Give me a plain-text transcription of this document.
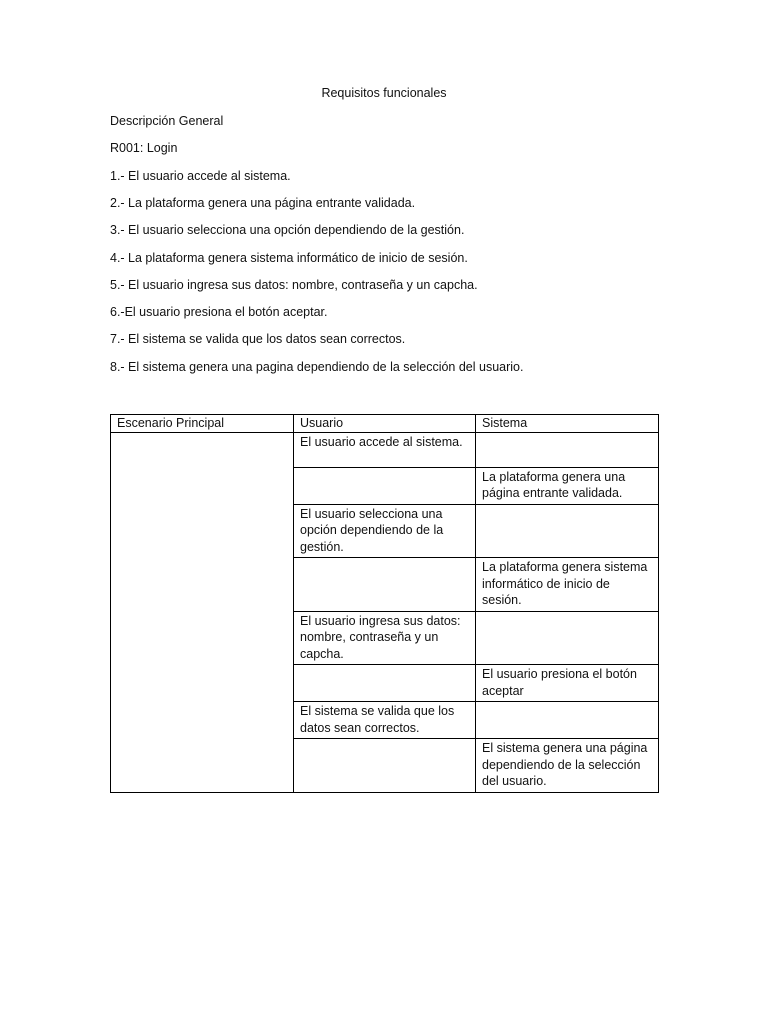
Requisitos funcionales
Descripción General
R001: Login
1.- El usuario accede al sistema.
2.- La plataforma genera una página entrante validada.
3.- El usuario selecciona una opción dependiendo de la gestión.
4.- La plataforma genera sistema informático de inicio de sesión.
5.- El usuario ingresa sus datos: nombre, contraseña y un capcha.
6.-El usuario presiona el botón aceptar.
7.- El sistema se valida que los datos sean correctos.
8.- El sistema genera una pagina dependiendo de la selección del usuario.
Escenario Principal	Usuario	Sistema
	El usuario accede al sistema.	
		La plataforma genera una página entrante validada.
	El usuario selecciona una opción dependiendo de la gestión.	
		La plataforma genera sistema informático de inicio de sesión.
	El usuario ingresa sus datos: nombre, contraseña y un capcha.	
		El usuario presiona el botón aceptar
	El sistema se valida que los datos sean correctos.	
		El sistema genera una página dependiendo de la selección del usuario.
